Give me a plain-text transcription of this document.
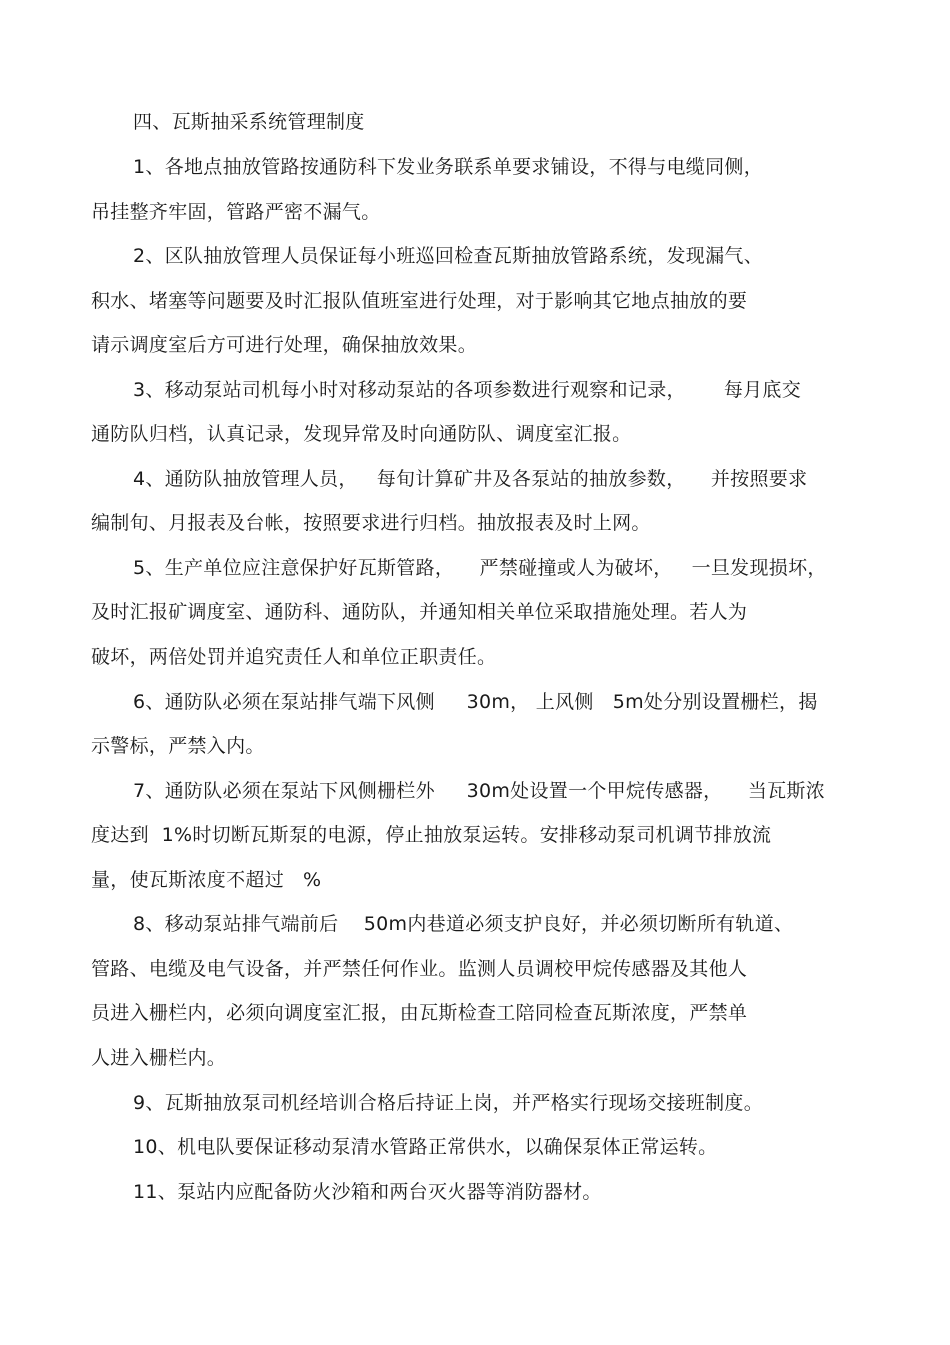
四、瓦斯抽采系统管理制度
1、各地点抽放管路按通防科下发业务联系单要求铺设，不得与电缆同侧，
吊挂整齐牢固，管路严密不漏气。
2、区队抽放管理人员保证每小班巡回检查瓦斯抽放管路系统，发现漏气、
积水、堵塞等问题要及时汇报队值班室进行处理，对于影响其它地点抽放的要
请示调度室后方可进行处理，确保抽放效果。
3、移动泵站司机每小时对移动泵站的各项参数进行观察和记录，      每月底交
通防队归档，认真记录，发现异常及时向通防队、调度室汇报。
4、通防队抽放管理人员，   每旬计算矿井及各泵站的抽放参数，    并按照要求
编制旬、月报表及台帐，按照要求进行归档。抽放报表及时上网。
5、生产单位应注意保护好瓦斯管路，    严禁碰撞或人为破坏，   一旦发现损坏，
及时汇报矿调度室、通防科、通防队，并通知相关单位采取措施处理。若人为
破坏，两倍处罚并追究责任人和单位正职责任。
6、通防队必须在泵站排气端下风侧     30m， 上风侧   5m处分别设置栅栏，揭
示警标，严禁入内。
7、通防队必须在泵站下风侧栅栏外     30m处设置一个甲烷传感器，    当瓦斯浓
度达到  1%时切断瓦斯泵的电源，停止抽放泵运转。安排移动泵司机调节排放流
量，使瓦斯浓度不超过   %
8、移动泵站排气端前后    50m内巷道必须支护良好，并必须切断所有轨道、
管路、电缆及电气设备，并严禁任何作业。监测人员调校甲烷传感器及其他人
员进入栅栏内，必须向调度室汇报，由瓦斯检查工陪同检查瓦斯浓度，严禁单
人进入栅栏内。
9、瓦斯抽放泵司机经培训合格后持证上岗，并严格实行现场交接班制度。
10、机电队要保证移动泵清水管路正常供水，以确保泵体正常运转。
11、泵站内应配备防火沙箱和两台灭火器等消防器材。
